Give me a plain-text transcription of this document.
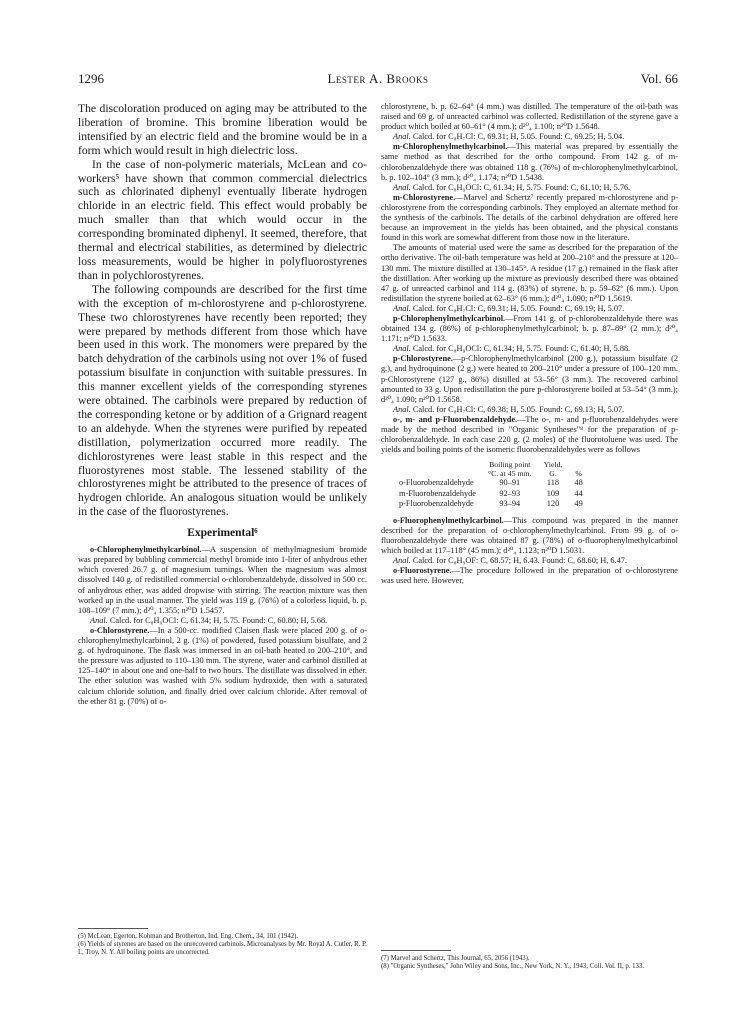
1296	Lester A. Brooks	Vol. 66

The discoloration produced on aging may be attributed to the liberation of bromine. This bromine liberation would be intensified by an electric field and the bromine would be in a form which would result in high dielectric loss.

In the case of non-polymeric materials, McLean and co-workers⁵ have shown that common commercial dielectrics such as chlorinated diphenyl eventually liberate hydrogen chloride in an electric field. This effect would probably be much smaller than that which would occur in the corresponding brominated diphenyl. It seemed, therefore, that thermal and electrical stabilities, as determined by dielectric loss measurements, would be higher in polyfluorostyrenes than in polychlorostyrenes.

The following compounds are described for the first time with the exception of m-chlorostyrene and p-chlorostyrene. These two chlorostyrenes have recently been reported; they were prepared by methods different from those which have been used in this work. The monomers were prepared by the batch dehydration of the carbinols using not over 1% of fused potassium bisulfate in conjunction with suitable pressures. In this manner excellent yields of the corresponding styrenes were obtained. The carbinols were prepared by reduction of the corresponding ketone or by addition of a Grignard reagent to an aldehyde. When the styrenes were purified by repeated distillation, polymerization occurred more readily. The dichlorostyrenes were least stable in this respect and the fluorostyrenes most stable. The lessened stability of the chlorostyrenes might be attributed to the presence of traces of hydrogen chloride. An analogous situation would be unlikely in the case of the fluorostyrenes.

Experimental⁶

o-Chlorophenylmethylcarbinol.—A suspension of methylmagnesium bromide was prepared by bubbling commercial methyl bromide into 1-liter of anhydrous ether which covered 26.7 g. of magnesium turnings. When the magnesium was almost dissolved 140 g. of redistilled commercial o-chlorobenzaldehyde, dissolved in 500 cc. of anhydrous ether, was added dropwise with stirring. The reaction mixture was then worked up in the usual manner. The yield was 119 g. (76%) of a colorless liquid, b. p. 108–109° (7 mm.); d²⁰₄ 1.355; n²⁰D 1.5457.

Anal. Calcd. for C₈H₉OCl: C, 61.34; H, 5.75. Found: C, 60.80; H, 5.68.

o-Chlorostyrene.—In a 500-cc. modified Claisen flask were placed 200 g. of o-chlorophenylmethylcarbinol, 2 g. (1%) of powdered, fused potassium bisulfate, and 2 g. of hydroquinone. The flask was immersed in an oil-bath heated to 200–210°, and the pressure was adjusted to 110–130 mm. The styrene, water and carbinol distilled at 125–140° in about one and one-half to two hours. The distillate was dissolved in ether. The ether solution was washed with 5% sodium hydroxide, then with a saturated calcium chloride solution, and finally dried over calcium chloride. After removal of the ether 81 g. (70%) of o-

(5) McLean, Egerton, Kohman and Brotherton, Ind. Eng. Chem., 34, 101 (1942).

(6) Yields of styrenes are based on the unrecovered carbinols. Microanalyses by Mr. Royal A. Cutler, R. P. I., Troy, N. Y. All boiling points are uncorrected.

chlorostyrene, b. p. 62–64° (4 mm.) was distilled. The temperature of the oil-bath was raised and 69 g. of unreacted carbinol was collected. Redistillation of the styrene gave a product which boiled at 60–61° (4 mm.); d²⁰₄ 1.100; n²⁰D 1.5648.

Anal. Calcd. for C₈H₇Cl: C, 69.31; H, 5.05. Found: C, 69.25; H, 5.04.

m-Chlorophenylmethylcarbinol.—This material was prepared by essentially the same method as that described for the ortho compound. From 142 g. of m-chlorobenzaldehyde there was obtained 118 g. (76%) of m-chlorophenylmethylcarbinol, b. p. 102–104° (3 mm.); d²⁰₄ 1.174; n²⁰D 1.5438.

Anal. Calcd. for C₈H₉OCl: C, 61.34; H, 5.75. Found: C, 61.10; H, 5.76.

m-Chlorostyrene.—Marvel and Schertz⁷ recently prepared m-chlorostyrene and p-chlorostyrene from the corresponding carbinols. They employed an alternate method for the synthesis of the carbinols. The details of the carbinol dehydration are offered here because an improvement in the yields has been obtained, and the physical constants found in this work are somewhat different from those now in the literature.

The amounts of material used were the same as described for the preparation of the ortho derivative. The oil-bath temperature was held at 200–210° and the pressure at 120–130 mm. The mixture distilled at 130–145°. A residue (17 g.) remained in the flask after the distillation. After working up the mixture as previously described there was obtained 47 g. of unreacted carbinol and 114 g. (83%) of styrene, b. p. 59–62° (6 mm.). Upon redistillation the styrene boiled at 62–63° (6 mm.); d²⁰₄ 1.090; n²⁰D 1.5619.

Anal. Calcd. for C₈H₇Cl: C, 69.31; H, 5.05. Found: C, 69.19; H, 5.07.

p-Chlorophenylmethylcarbinol.—From 141 g. of p-chlorobenzaldehyde there was obtained 134 g. (86%) of p-chlorophenylmethylcarbinol; b. p. 87–89° (2 mm.); d²⁰₄ 1.171; n²⁰D 1.5633.

Anal. Calcd. for C₈H₉OCl: C, 61.34; H, 5.75. Found: C, 61.40; H, 5.88.

p-Chlorostyrene.—p-Chlorophenylmethylcarbinol (200 g.), potassium bisulfate (2 g.), and hydroquinone (2 g.) were heated to 200–210° under a pressure of 100–120 mm. p-Chlorostyrene (127 g., 86%) distilled at 53–56° (3 mm.). The recovered carbinol amounted to 33 g. Upon redistillation the pure p-chlorostyrene boiled at 53–54° (3 mm.); d²⁰₄ 1.090; n²⁰D 1.5658.

Anal. Calcd. for C₈H₇Cl: C, 69.38; H, 5.05. Found: C, 69.13; H, 5.07.

o-, m- and p-Fluorobenzaldehyde.—The o-, m- and p-fluorobenzaldehydes were made by the method described in "Organic Syntheses"⁸ for the preparation of p-chlorobenzaldehyde. In each case 220 g. (2 moles) of the fluorotoluene was used. The yields and boiling points of the isomeric fluorobenzaldehydes were as follows

	Boiling point
°C. at 45 mm.	Yield,
G.	%
o-Fluorobenzaldehyde	90–91	118	48
m-Fluorobenzaldehyde	92–93	109	44
p-Fluorobenzaldehyde	93–94	120	49

o-Fluorophenylmethylcarbinol.—This compound was prepared in the manner described for the preparation of o-chlorophenylmethylcarbinol. From 99 g. of o-fluorobenzaldehyde there was obtained 87 g. (78%) of o-fluorophenylmethylcarbinol which boiled at 117–118° (45 mm.); d²⁰₄ 1.123; n²⁰D 1.5031.

Anal. Calcd. for C₈H₉OF: C, 68.57; H, 6.43. Found: C, 68.60; H, 6.47.

o-Fluorostyrene.—The procedure followed in the preparation of o-chlorostyrene was used here. However,

(7) Marvel and Schertz, This Journal, 65, 2056 (1943).

(8) "Organic Syntheses," John Wiley and Sons, Inc., New York, N. Y., 1943, Coll. Vol. II, p. 133.
